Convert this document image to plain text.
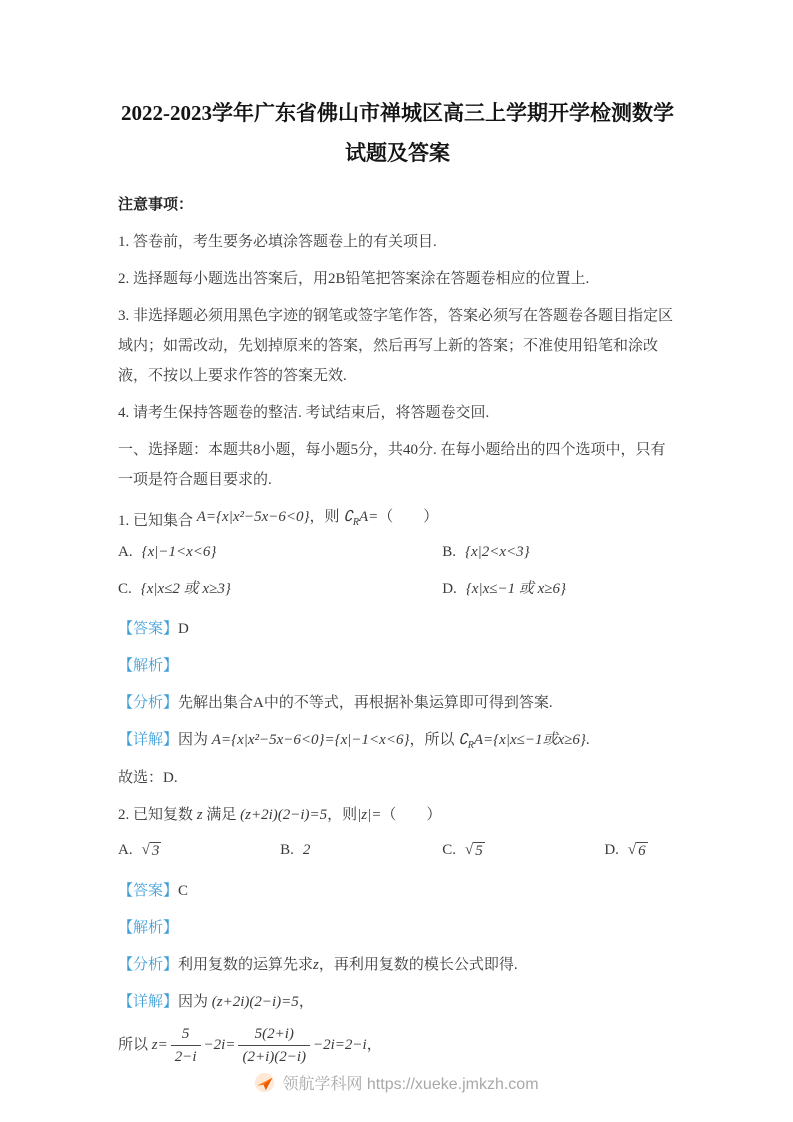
2022-2023学年广东省佛山市禅城区高三上学期开学检测数学试题及答案

注意事项：

1. 答卷前，考生要务必填涂答题卷上的有关项目.

2. 选择题每小题选出答案后，用2B铅笔把答案涂在答题卷相应的位置上.

3. 非选择题必须用黑色字迹的钢笔或签字笔作答，答案必须写在答题卷各题目指定区域内；如需改动，先划掉原来的答案，然后再写上新的答案；不准使用铅笔和涂改液，不按以上要求作答的答案无效.

4. 请考生保持答题卷的整洁. 考试结束后，将答题卷交回.

一、选择题：本题共8小题，每小题5分，共40分. 在每小题给出的四个选项中，只有一项是符合题目要求的.

1. 已知集合 A={x|x²−5x−6<0}，则 $∁_RA=$（　　）

A. {x|−1<x<6}	B. {x|2<x<3}
C. {x|x≤2 或 x≥3}	D. {x|x≤−1 或 x≥6}

【答案】D

【解析】

【分析】先解出集合A中的不等式，再根据补集运算即可得到答案.

【详解】因为 A={x|x²−5x−6<0}={x|−1<x<6}，所以 $∁_RA=\{x|x\le-1$或x≥6}.

故选：D.

2. 已知复数 z 满足 (z+2i)(2−i)=5，则|z|=（　　）

A. √ 3	B. 2	C. √ 5	D. √ 6

【答案】C

【解析】

【分析】利用复数的运算先求z，再利用复数的模长公式即得.

【详解】因为 (z+2i)(2−i)=5，

所以 $z= \frac{5}{2-i} -2i= \frac{5(2+i)}{(2+i)(2-i)} -2i=2-i$，

领航学科网 https://xueke.jmkzh.com
